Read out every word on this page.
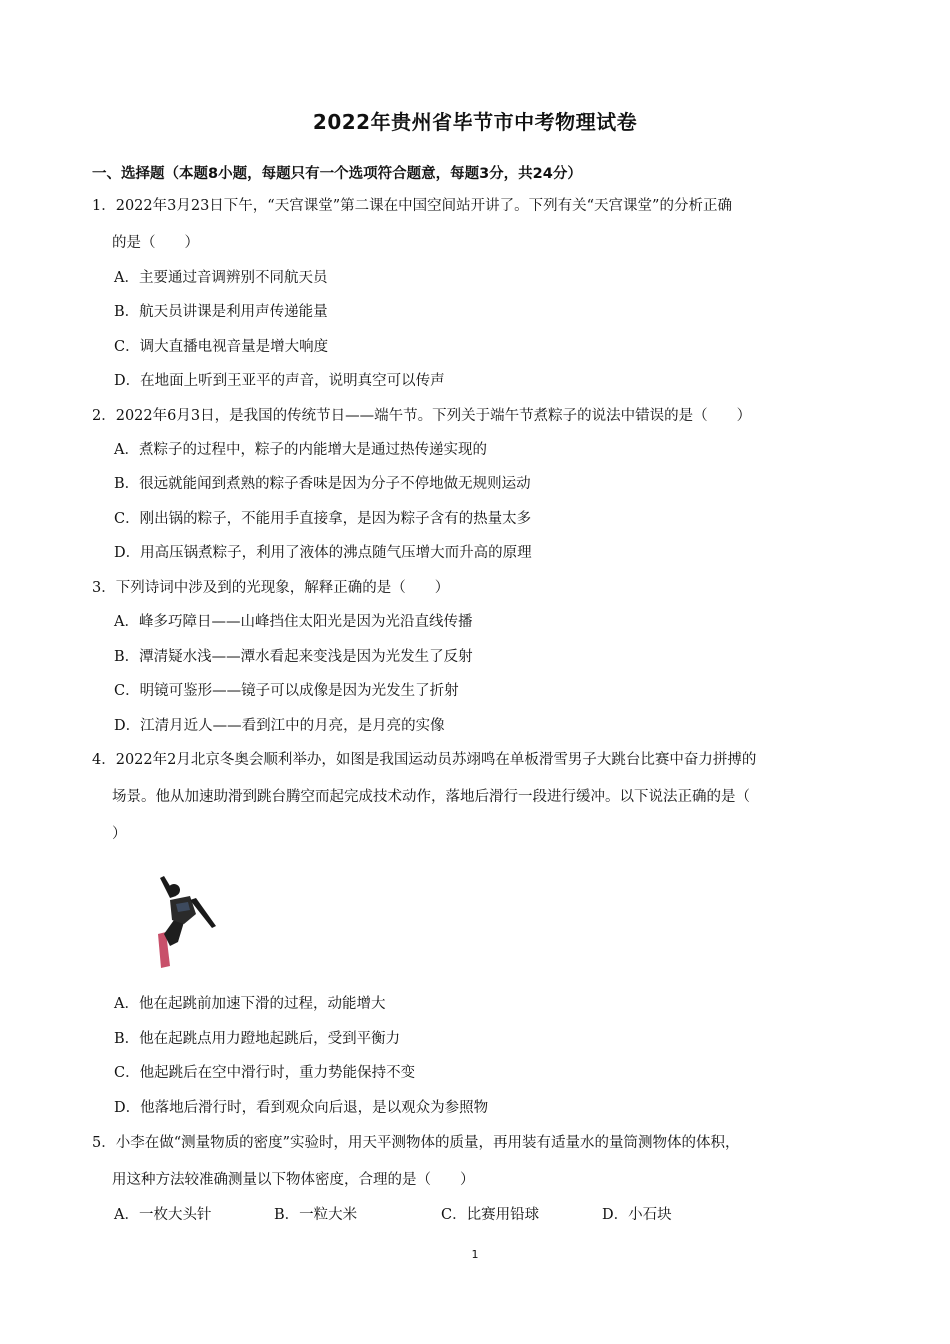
2022年贵州省毕节市中考物理试卷
一、选择题（本题8小题，每题只有一个选项符合题意，每题3分，共24分）
1．2022年3月23日下午，“天宫课堂”第二课在中国空间站开讲了。下列有关“天宫课堂”的分析正确
的是（　　）
A．主要通过音调辨别不同航天员
B．航天员讲课是利用声传递能量
C．调大直播电视音量是增大响度
D．在地面上听到王亚平的声音，说明真空可以传声
2．2022年6月3日，是我国的传统节日——端午节。下列关于端午节煮粽子的说法中错误的是（　　）
A．煮粽子的过程中，粽子的内能增大是通过热传递实现的
B．很远就能闻到煮熟的粽子香味是因为分子不停地做无规则运动
C．刚出锅的粽子，不能用手直接拿，是因为粽子含有的热量太多
D．用高压锅煮粽子，利用了液体的沸点随气压增大而升高的原理
3．下列诗词中涉及到的光现象，解释正确的是（　　）
A．峰多巧障日——山峰挡住太阳光是因为光沿直线传播
B．潭清疑水浅——潭水看起来变浅是因为光发生了反射
C．明镜可鉴形——镜子可以成像是因为光发生了折射
D．江清月近人——看到江中的月亮，是月亮的实像
4．2022年2月北京冬奥会顺利举办，如图是我国运动员苏翊鸣在单板滑雪男子大跳台比赛中奋力拼搏的
场景。他从加速助滑到跳台腾空而起完成技术动作，落地后滑行一段进行缓冲。以下说法正确的是（
）
A．他在起跳前加速下滑的过程，动能增大
B．他在起跳点用力蹬地起跳后，受到平衡力
C．他起跳后在空中滑行时，重力势能保持不变
D．他落地后滑行时，看到观众向后退，是以观众为参照物
5．小李在做“测量物质的密度”实验时，用天平测物体的质量，再用装有适量水的量筒测物体的体积，
用这种方法较准确测量以下物体密度，合理的是（　　）
A．一枚大头针	B．一粒大米	C．比赛用铅球	D．小石块
1
